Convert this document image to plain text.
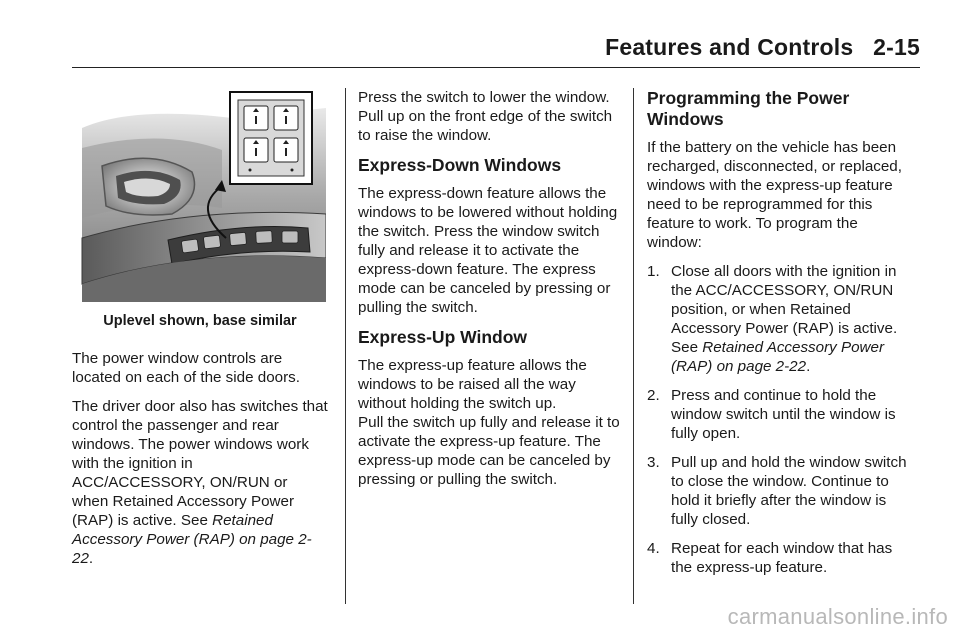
Features and Controls 2-15
Uplevel shown, base similar

The power window controls are located on each of the side doors.

The driver door also has switches that control the passenger and rear windows. The power windows work with the ignition in ACC/ACCESSORY, ON/RUN or when Retained Accessory Power (RAP) is active. See Retained Accessory Power (RAP) on page 2-22.

Press the switch to lower the window. Pull up on the front edge of the switch to raise the window.

Express-Down Windows

The express-down feature allows the windows to be lowered without holding the switch. Press the window switch fully and release it to activate the express-down feature. The express mode can be canceled by pressing or pulling the switch.

Express-Up Window

The express-up feature allows the windows to be raised all the way without holding the switch up.

Pull the switch up fully and release it to activate the express-up feature. The express-up mode can be canceled by pressing or pulling the switch.

Programming the Power Windows

If the battery on the vehicle has been recharged, disconnected, or replaced, windows with the express-up feature need to be reprogrammed for this feature to work. To program the window:

1. Close all doors with the ignition in the ACC/ACCESSORY, ON/RUN position, or when Retained Accessory Power (RAP) is active. See Retained Accessory Power (RAP) on page 2-22.
2. Press and continue to hold the window switch until the window is fully open.
3. Pull up and hold the window switch to close the window. Continue to hold it briefly after the window is fully closed.
4. Repeat for each window that has the express-up feature.
carmanualsonline.info
